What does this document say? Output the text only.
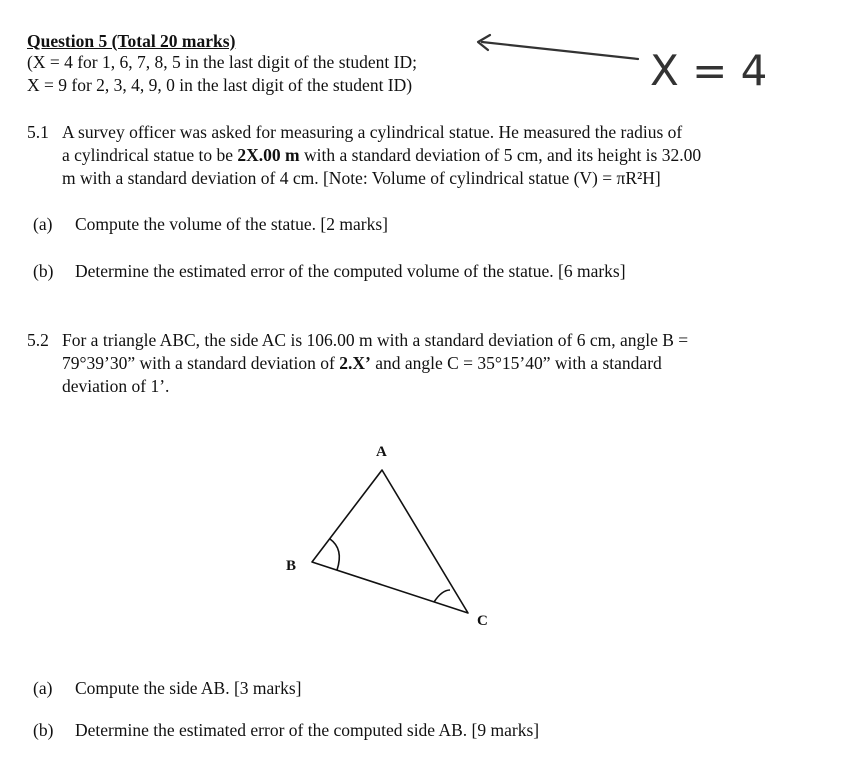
Question 5 (Total 20 marks)
(X = 4 for 1, 6, 7, 8, 5 in the last digit of the student ID;
X = 9 for 2, 3, 4, 9, 0 in the last digit of the student ID)	X = 4
5.1 A survey officer was asked for measuring a cylindrical statue. He measured the radius of
a cylindrical statue to be 2X.00 m with a standard deviation of 5 cm, and its height is 32.00
m with a standard deviation of 4 cm. [Note: Volume of cylindrical statue (V) = πR²H]
(a) Compute the volume of the statue. [2 marks]
(b) Determine the estimated error of the computed volume of the statue. [6 marks]
5.2 For a triangle ABC, the side AC is 106.00 m with a standard deviation of 6 cm, angle B =
79°39’30” with a standard deviation of 2.X’ and angle C = 35°15’40” with a standard
deviation of 1’.
A
B
C
(a) Compute the side AB. [3 marks]
(b) Determine the estimated error of the computed side AB. [9 marks]
